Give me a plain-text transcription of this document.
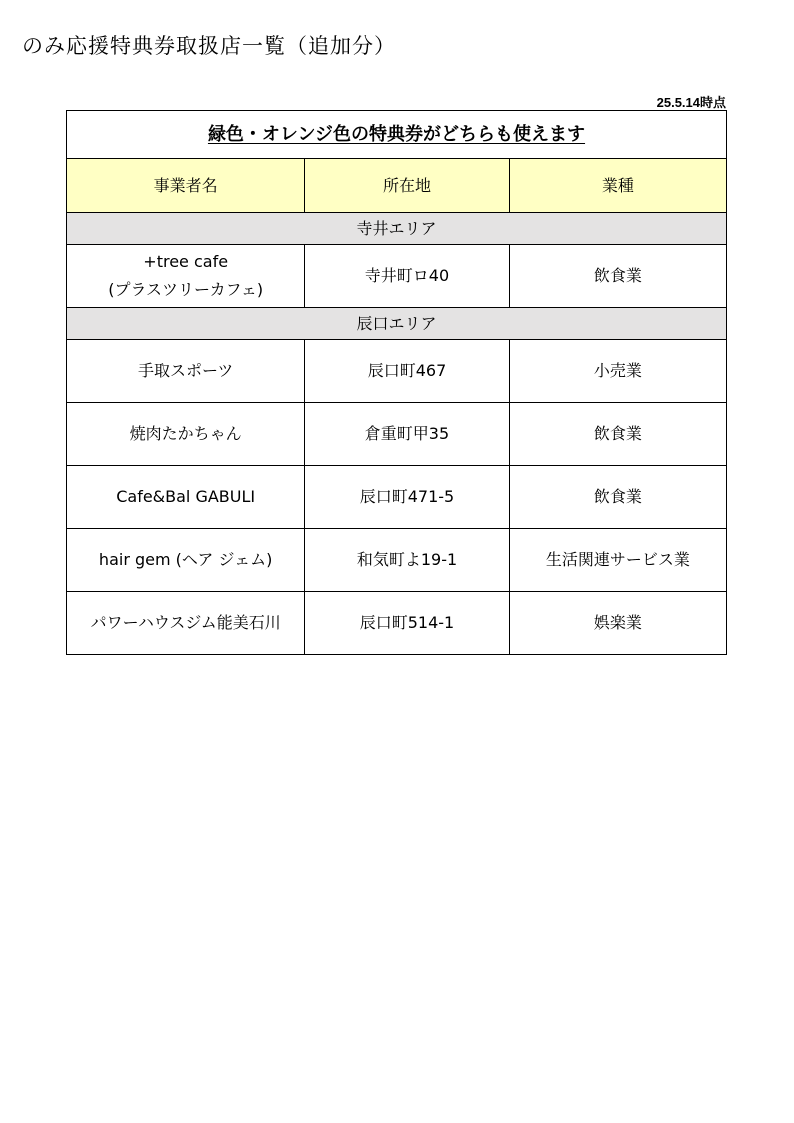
のみ応援特典券取扱店一覧（追加分）
25.5.14時点
緑色・オレンジ色の特典券がどちらも使えます		
事業者名	所在地	業種
寺井エリア		

+tree cafe
(プラスツリーカフェ)	寺井町ロ40	飲食業
辰口エリア		
手取スポーツ	辰口町467	小売業
焼肉たかちゃん	倉重町甲35	飲食業
Cafe&Bal GABULI	辰口町471-5	飲食業
hair gem (ヘア ジェム)	和気町よ19-1	生活関連サービス業
パワーハウスジム能美石川	辰口町514-1	娯楽業
